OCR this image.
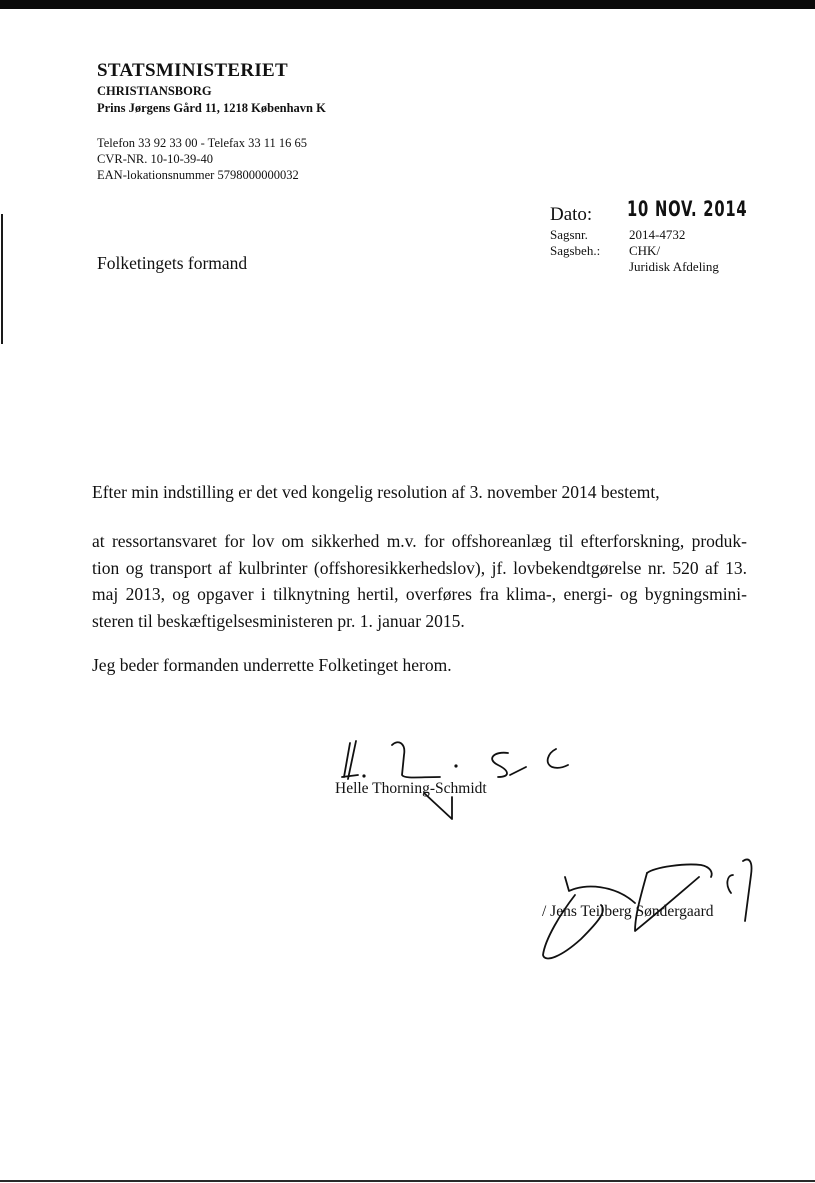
STATSMINISTERIET
CHRISTIANSBORG
Prins Jørgens Gård 11, 1218 København K
Telefon 33 92 33 00 - Telefax 33 11 16 65
CVR-NR. 10-10-39-40
EAN-lokationsnummer 5798000000032
Dato: 10 NOV. 2014
Sagsnr.	2014-4732
Sagsbeh.: CHK/
Juridisk Afdeling
Folketingets formand
Efter min indstilling er det ved kongelig resolution af 3. november 2014 bestemt,
at ressortansvaret for lov om sikkerhed m.v. for offshoreanlæg til efterforskning, produk-
tion og transport af kulbrinter (offshoresikkerhedslov), jf. lovbekendtgørelse nr. 520 af 13.
maj 2013, og opgaver i tilknytning hertil, overføres fra klima-, energi- og bygningsmini-
steren til beskæftigelsesministeren pr. 1. januar 2015.
Jeg beder formanden underrette Folketinget herom.
Helle Thorning-Schmidt
/ Jens Teilberg Søndergaard
